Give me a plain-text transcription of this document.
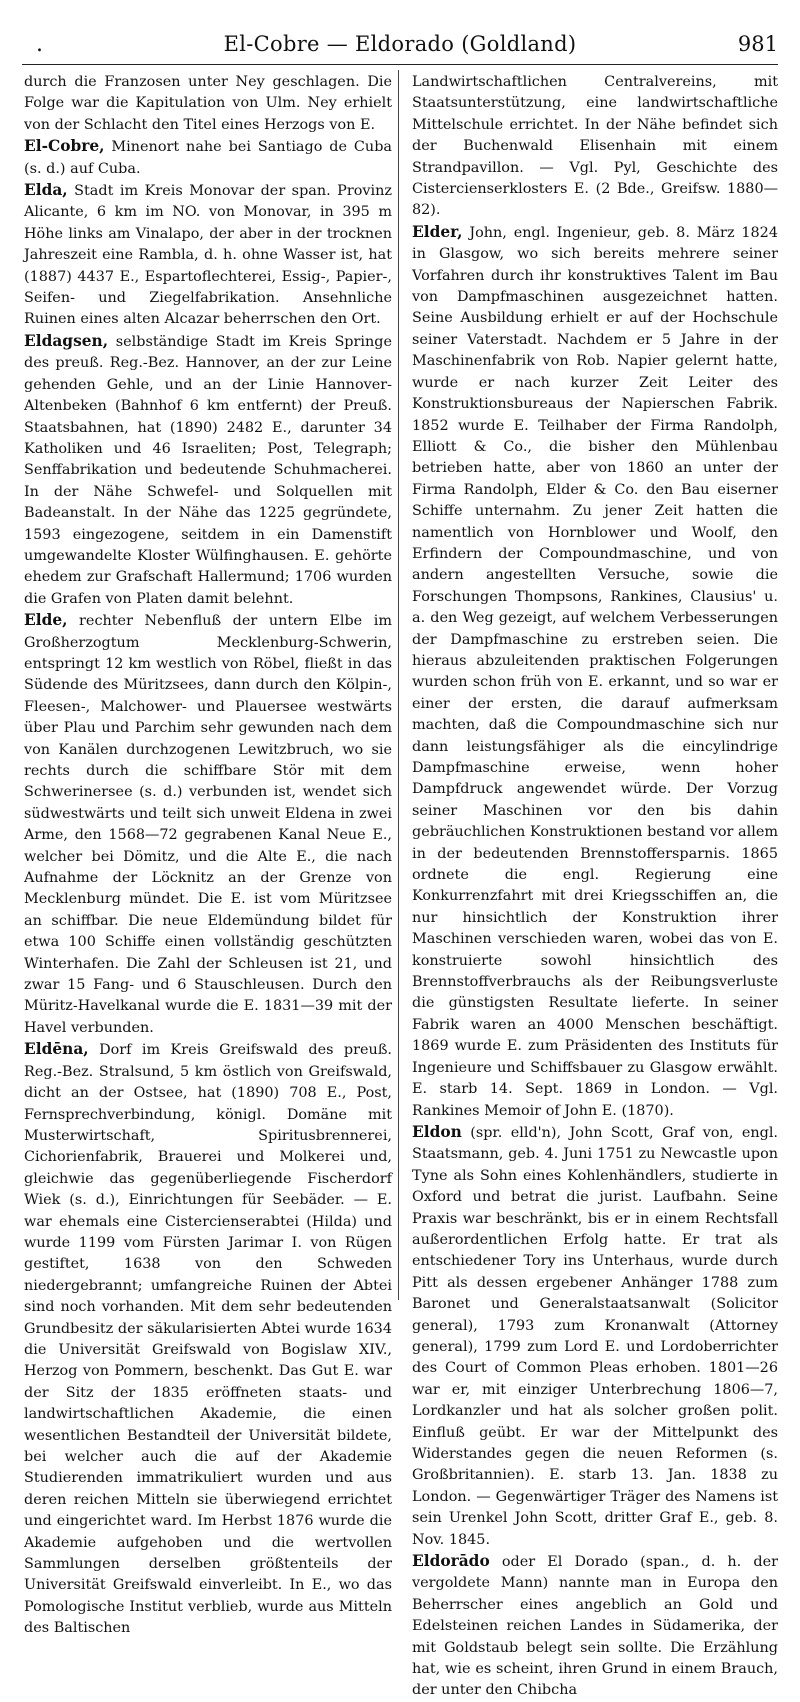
.	El-Cobre — Eldorado (Goldland)	981

durch die Franzosen unter Ney geschlagen. Die Folge war die Kapitulation von Ulm. Ney erhielt von der Schlacht den Titel eines Herzogs von E.

El-Cobre, Minenort nahe bei Santiago de Cuba (s. d.) auf Cuba.

Elda, Stadt im Kreis Monovar der span. Provinz Alicante, 6 km im NO. von Monovar, in 395 m Höhe links am Vinalapo, der aber in der trocknen Jahreszeit eine Rambla, d. h. ohne Wasser ist, hat (1887) 4437 E., Espartoflechterei, Essig-, Papier-, Seifen- und Ziegelfabrikation. Ansehnliche Ruinen eines alten Alcazar beherrschen den Ort.

Eldagsen, selbständige Stadt im Kreis Springe des preuß. Reg.-Bez. Hannover, an der zur Leine gehenden Gehle, und an der Linie Hannover-Altenbeken (Bahnhof 6 km entfernt) der Preuß. Staatsbahnen, hat (1890) 2482 E., darunter 34 Katholiken und 46 Israeliten; Post, Telegraph; Senffabrikation und bedeutende Schuhmacherei. In der Nähe Schwefel- und Solquellen mit Badeanstalt. In der Nähe das 1225 gegründete, 1593 eingezogene, seitdem in ein Damenstift umgewandelte Kloster Wülfinghausen. E. gehörte ehedem zur Grafschaft Hallermund; 1706 wurden die Grafen von Platen damit belehnt.

Elde, rechter Nebenfluß der untern Elbe im Großherzogtum Mecklenburg-Schwerin, entspringt 12 km westlich von Röbel, fließt in das Südende des Müritzsees, dann durch den Kölpin-, Fleesen-, Malchower- und Plauersee westwärts über Plau und Parchim sehr gewunden nach dem von Kanälen durchzogenen Lewitzbruch, wo sie rechts durch die schiffbare Stör mit dem Schwerinersee (s. d.) verbunden ist, wendet sich südwestwärts und teilt sich unweit Eldena in zwei Arme, den 1568—72 gegrabenen Kanal Neue E., welcher bei Dömitz, und die Alte E., die nach Aufnahme der Löcknitz an der Grenze von Mecklenburg mündet. Die E. ist vom Müritzsee an schiffbar. Die neue Eldemündung bildet für etwa 100 Schiffe einen vollständig geschützten Winterhafen. Die Zahl der Schleusen ist 21, und zwar 15 Fang- und 6 Stauschleusen. Durch den Müritz-Havelkanal wurde die E. 1831—39 mit der Havel verbunden.

Eldēna, Dorf im Kreis Greifswald des preuß. Reg.-Bez. Stralsund, 5 km östlich von Greifswald, dicht an der Ostsee, hat (1890) 708 E., Post, Fernsprechverbindung, königl. Domäne mit Musterwirtschaft, Spiritusbrennerei, Cichorienfabrik, Brauerei und Molkerei und, gleichwie das gegenüberliegende Fischerdorf Wiek (s. d.), Einrichtungen für Seebäder. — E. war ehemals eine Cistercienserabtei (Hilda) und wurde 1199 vom Fürsten Jarimar I. von Rügen gestiftet, 1638 von den Schweden niedergebrannt; umfangreiche Ruinen der Abtei sind noch vorhanden. Mit dem sehr bedeutenden Grundbesitz der säkularisierten Abtei wurde 1634 die Universität Greifswald von Bogislaw XIV., Herzog von Pommern, beschenkt. Das Gut E. war der Sitz der 1835 eröffneten staats- und landwirtschaftlichen Akademie, die einen wesentlichen Bestandteil der Universität bildete, bei welcher auch die auf der Akademie Studierenden immatrikuliert wurden und aus deren reichen Mitteln sie überwiegend errichtet und eingerichtet ward. Im Herbst 1876 wurde die Akademie aufgehoben und die wertvollen Sammlungen derselben größtenteils der Universität Greifswald einverleibt. In E., wo das Pomologische Institut verblieb, wurde aus Mitteln des Baltischen

Landwirtschaftlichen Centralvereins, mit Staatsunterstützung, eine landwirtschaftliche Mittelschule errichtet. In der Nähe befindet sich der Buchenwald Elisenhain mit einem Strandpavillon. — Vgl. Pyl, Geschichte des Cistercienserklosters E. (2 Bde., Greifsw. 1880—82).

Elder, John, engl. Ingenieur, geb. 8. März 1824 in Glasgow, wo sich bereits mehrere seiner Vorfahren durch ihr konstruktives Talent im Bau von Dampfmaschinen ausgezeichnet hatten. Seine Ausbildung erhielt er auf der Hochschule seiner Vaterstadt. Nachdem er 5 Jahre in der Maschinenfabrik von Rob. Napier gelernt hatte, wurde er nach kurzer Zeit Leiter des Konstruktionsbureaus der Napierschen Fabrik. 1852 wurde E. Teilhaber der Firma Randolph, Elliott & Co., die bisher den Mühlenbau betrieben hatte, aber von 1860 an unter der Firma Randolph, Elder & Co. den Bau eiserner Schiffe unternahm. Zu jener Zeit hatten die namentlich von Hornblower und Woolf, den Erfindern der Compoundmaschine, und von andern angestellten Versuche, sowie die Forschungen Thompsons, Rankines, Clausius' u. a. den Weg gezeigt, auf welchem Verbesserungen der Dampfmaschine zu erstreben seien. Die hieraus abzuleitenden praktischen Folgerungen wurden schon früh von E. erkannt, und so war er einer der ersten, die darauf aufmerksam machten, daß die Compoundmaschine sich nur dann leistungsfähiger als die eincylindrige Dampfmaschine erweise, wenn hoher Dampfdruck angewendet würde. Der Vorzug seiner Maschinen vor den bis dahin gebräuchlichen Konstruktionen bestand vor allem in der bedeutenden Brennstoffersparnis. 1865 ordnete die engl. Regierung eine Konkurrenzfahrt mit drei Kriegsschiffen an, die nur hinsichtlich der Konstruktion ihrer Maschinen verschieden waren, wobei das von E. konstruierte sowohl hinsichtlich des Brennstoffverbrauchs als der Reibungsverluste die günstigsten Resultate lieferte. In seiner Fabrik waren an 4000 Menschen beschäftigt. 1869 wurde E. zum Präsidenten des Instituts für Ingenieure und Schiffsbauer zu Glasgow erwählt. E. starb 14. Sept. 1869 in London. — Vgl. Rankines Memoir of John E. (1870).

Eldon (spr. elld'n), John Scott, Graf von, engl. Staatsmann, geb. 4. Juni 1751 zu Newcastle upon Tyne als Sohn eines Kohlenhändlers, studierte in Oxford und betrat die jurist. Laufbahn. Seine Praxis war beschränkt, bis er in einem Rechtsfall außerordentlichen Erfolg hatte. Er trat als entschiedener Tory ins Unterhaus, wurde durch Pitt als dessen ergebener Anhänger 1788 zum Baronet und Generalstaatsanwalt (Solicitor general), 1793 zum Kronanwalt (Attorney general), 1799 zum Lord E. und Lordoberrichter des Court of Common Pleas erhoben. 1801—26 war er, mit einziger Unterbrechung 1806—7, Lordkanzler und hat als solcher großen polit. Einfluß geübt. Er war der Mittelpunkt des Widerstandes gegen die neuen Reformen (s. Großbritannien). E. starb 13. Jan. 1838 zu London. — Gegenwärtiger Träger des Namens ist sein Urenkel John Scott, dritter Graf E., geb. 8. Nov. 1845.

Eldorādo oder El Dorado (span., d. h. der vergoldete Mann) nannte man in Europa den Beherrscher eines angeblich an Gold und Edelsteinen reichen Landes in Südamerika, der mit Goldstaub belegt sein sollte. Die Erzählung hat, wie es scheint, ihren Grund in einem Brauch, der unter den Chibcha
